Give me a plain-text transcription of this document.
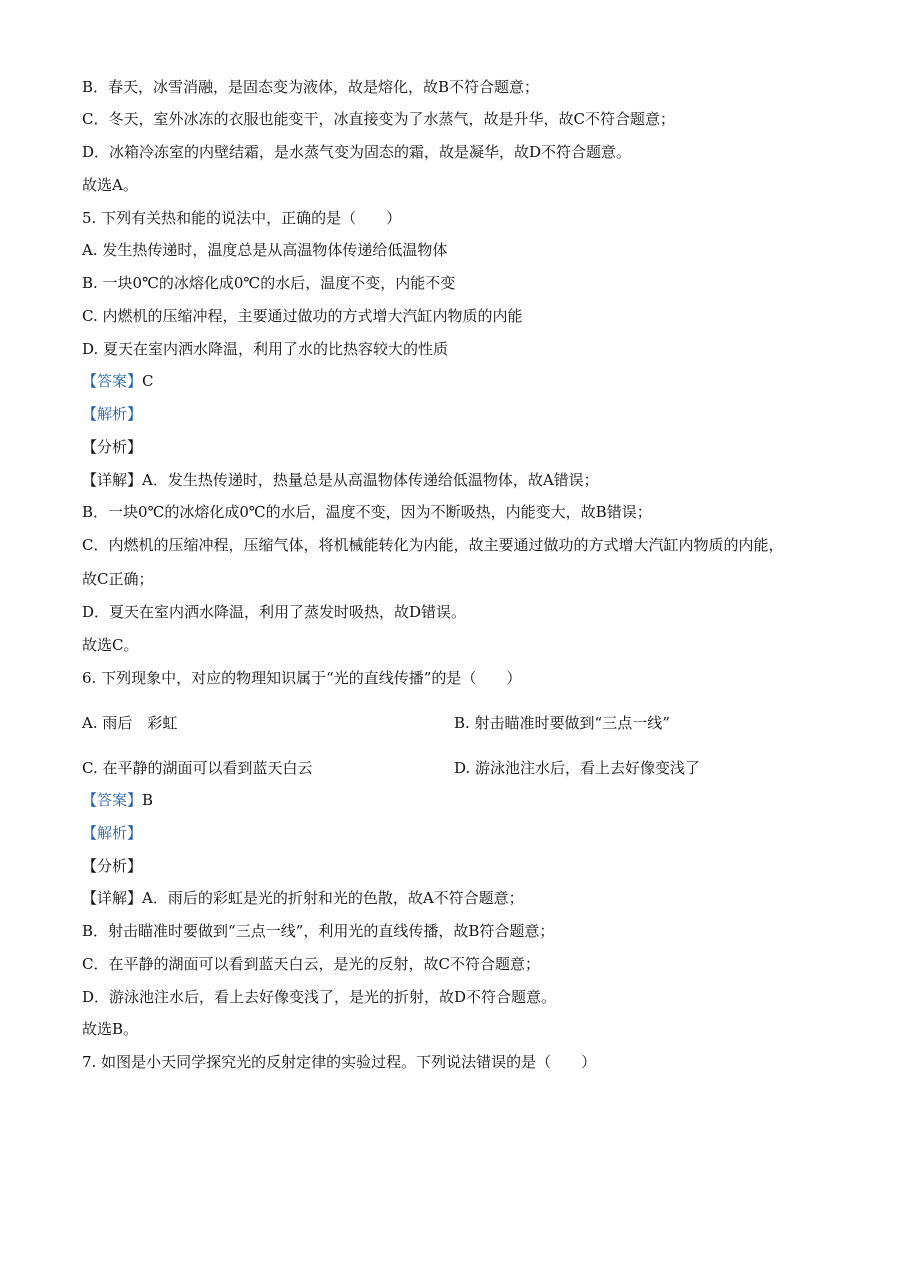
B．春天，冰雪消融，是固态变为液体，故是熔化，故B不符合题意；
C．冬天，室外冰冻的衣服也能变干，冰直接变为了水蒸气，故是升华，故C不符合题意；
D．冰箱冷冻室的内壁结霜，是水蒸气变为固态的霜，故是凝华，故D不符合题意。
故选A。
5. 下列有关热和能的说法中，正确的是（　　）
A. 发生热传递时，温度总是从高温物体传递给低温物体
B. 一块0℃的冰熔化成0℃的水后，温度不变，内能不变
C. 内燃机的压缩冲程，主要通过做功的方式增大汽缸内物质的内能
D. 夏天在室内洒水降温，利用了水的比热容较大的性质
【答案】C
【解析】
【分析】
【详解】A．发生热传递时，热量总是从高温物体传递给低温物体，故A错误；
B．一块0℃的冰熔化成0℃的水后，温度不变，因为不断吸热，内能变大，故B错误；
C．内燃机的压缩冲程，压缩气体，将机械能转化为内能，故主要通过做功的方式增大汽缸内物质的内能，
故C正确；
D．夏天在室内洒水降温，利用了蒸发时吸热，故D错误。
故选C。
6. 下列现象中，对应的物理知识属于“光的直线传播”的是（　　）
A. 雨后　彩虹	B. 射击瞄准时要做到“三点一线”
C. 在平静的湖面可以看到蓝天白云	D. 游泳池注水后，看上去好像变浅了
【答案】B
【解析】
【分析】
【详解】A．雨后的彩虹是光的折射和光的色散，故A不符合题意；
B．射击瞄准时要做到“三点一线”，利用光的直线传播，故B符合题意；
C．在平静的湖面可以看到蓝天白云，是光的反射，故C不符合题意；
D．游泳池注水后，看上去好像变浅了，是光的折射，故D不符合题意。
故选B。
7. 如图是小天同学探究光的反射定律的实验过程。下列说法错误的是（　　）
